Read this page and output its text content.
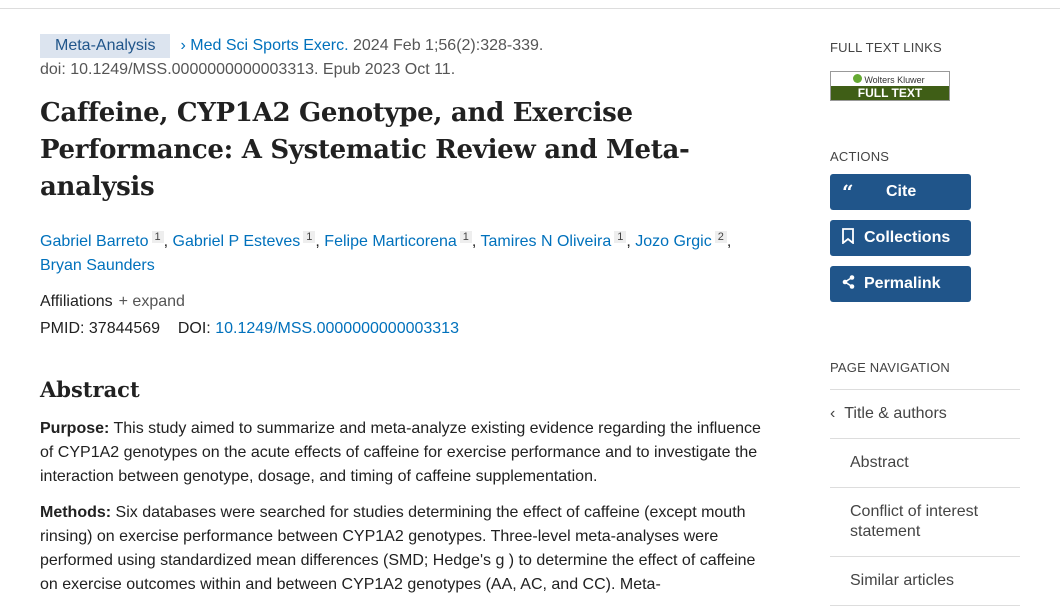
Meta-Analysis › Med Sci Sports Exerc. 2024 Feb 1;56(2):328-339.
doi: 10.1249/MSS.0000000000003313. Epub 2023 Oct 11.
Caffeine, CYP1A2 Genotype, and Exercise Performance: A Systematic Review and Meta-analysis
Gabriel Barreto $^1$ , Gabriel P Esteves $^1$ , Felipe Marticorena $^1$ , Tamires N Oliveira $^1$ , Jozo Grgic $^2$ ,
Bryan Saunders
Affiliations + expand
PMID: 37844569 DOI: 10.1249/MSS.0000000000003313
Abstract

Purpose: This study aimed to summarize and meta-analyze existing evidence regarding the influence of CYP1A2 genotypes on the acute effects of caffeine for exercise performance and to investigate the interaction between genotype, dosage, and timing of caffeine supplementation.

Methods: Six databases were searched for studies determining the effect of caffeine (except mouth rinsing) on exercise performance between CYP1A2 genotypes. Three-level meta-analyses were performed using standardized mean differences (SMD; Hedge's g ) to determine the effect of caffeine on exercise outcomes within and between CYP1A2 genotypes (AA, AC, and CC). Meta-

FULL TEXT LINKS
Wolters Kluwer
FULL TEXT
ACTIONS
“	Cite
Collections
Permalink
PAGE NAVIGATION
‹  Title & authors
Abstract
Conflict of interest statement
Similar articles
